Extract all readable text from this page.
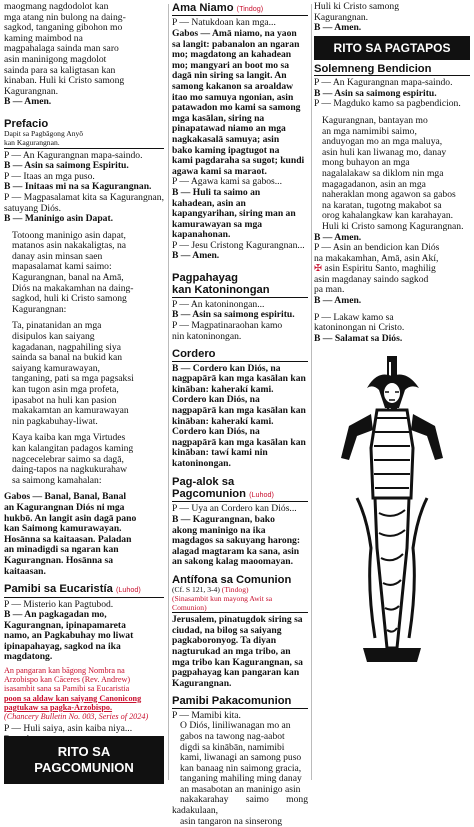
maogmang nagdodolot kan
mga atang nin bulong na daing-
sagkod, tanganing gibohon mo
kaming maimbod na
magpahalaga sainda man saro
asin maninigong magdolot
sainda para sa kaligtasan kan
kinaban. Huli ki Cristo samong
Kagurangnan.

B — Amen.

Prefacio
Dapit sa Pagbāgong Anyō
kan Kagurangnan.

P — An Kagurangnan mapa-saindo.

B — Asin sa saimong Espiritu.

P — Itaas an mga puso.

B — Initaas mi na sa Kagurangnan.

P — Magpasalamat kita sa Kagurangnan, satuyang Diós.

B — Maninigo asin Dapat.

Totoong maninigo asin dapat,
matanos asin nakakaligtas, na
danay asin minsan saen
mapasalamat kami saimo:
Kagurangnan, banal na Amā,
Diós na makakamhan na daing-
sagkod, huli ki Cristo samong
Kagurangnan:
Ta, pinatanidan an mga
disipulos kan saiyang
kagadanan, nagpahiling siya
sainda sa banal na bukid kan
saiyang kamurawayan,
tanganing, pati sa mga pagsaksi
kan tugon asin mga profeta,
ipasabot na huli kan pasion
makakamtan an kamurawayan
nin pagkabuhay-liwat.
Kaya kaiba kan mga Virtudes
kan kalangitan padagos kaming
nagcecelebrar saimo sa dagā,
daing-tapos na nagkukurahaw
sa saimong kamahalan:
Gabos — Banal, Banal, Banal
an Kagurangnan Diós ni mga
hukbō. An langit asin dagā pano
kan Saimong kamurawayan.
Hosānna sa kaitaasan. Paladan
an minadigdi sa ngaran kan
Kagurangnan. Hosānna sa
kaitaasan.
Pamibi sa Eucaristía (Luhod)

P — Misterio kan Pagtubod.

B — An pagkagadan mo,
Kagurangnan, ipinapamareta
namo, an Pagkabuhay mo liwat
ipinapahayag, sagkod na ika
magdatong.
An pangaran kan bāgong Nombra na
Arzobispo kan Cāceres (Rev. Andrew)
isasambit sana sa Pamibi sa Eucaristia
poon sa aldaw kan saiyang Canonicong
pagtukaw sa pagka-Arzobispo.
(Chancery Bulletin No. 003, Series of 2024)

P — Huli saiya, asin kaiba niya...

RITO SA
PAGCOMUNION
Ama Niamo (Tindog)

P — Natukdoan kan mga...

Gabos — Amā niamo, na yaon
sa langit: pabanalon an ngaran
mo; magdatong an kahadean
mo; mangyari an boot mo sa
dagā nin siring sa langit. An
samong kakanon sa aroaldaw
itao mo samuya ngonian, asin
patawadon mo kami sa samong
mga kasālan, siring na
pinapatawad niamo an mga
nagkakasalā samuya; asin
bako kaming ipagtugot na
kami pagdaraha sa sugot; kundi
agawa kami sa maraot.

P — Agawa kami sa gabos...

B — Huli ta saimo an
kahadean, asin an
kapangyarihan, siring man an
kamurawayan sa mga
kapanahonan.

P — Jesu Cristong Kagurangnan...

B — Amen.

Pagpahayag
kan Katoninongan

P — An katoninongan...

B — Asin sa saimong espiritu.

P — Magpatinaraohan kamo
nin katoninongan.
Cordero
B — Cordero kan Diós, na
nagpapārā kan mga kasālan kan
kināban: kaherakí kami.
Cordero kan Diós, na
nagpapārā kan mga kasālan kan
kināban: kaherakí kami.
Cordero kan Diós, na
nagpapārā kan mga kasālan kan
kināban: tawí kami nin
katoninongan.
Pag-alok sa
Pagcomunion (Luhod)

P — Uya an Cordero kan Diós...

B — Kagurangnan, bako
akong maninigo na ika
magdagos sa sakuyang harong:
alagad magtaram ka sana, asin
an sakong kalag maoomayan.
Antífona sa Comunion
(Cf. S 121, 3-4) (Tindog)
(Sinasambit kun mayong Awit sa Comunion)
Jerusalem, pinatugdok siring sa
ciudad, na bilog sa saiyang
pagkaboronyog. Ta diyan
nagturukad an mga tribo, an
mga tribo kan Kagurangnan, sa
pagpahayag kan pangaran kan
Kagurangnan.
Pamibi Pakacomunion

P — Mamibi kita.

O Diós, liniliwanagan mo an
gabos na tawong nag-aabot
digdi sa kinābān, namimibi
kami, liwanagi an samong puso
kan banaag nin saimong gracia,
tanganing mahiling ming danay
an masabotan an maninigo asin
nakakarahay saimo mong kadakulaan,
asin tangaron na sinserong
Huli ki Cristo samong
Kagurangnan.

B — Amen.

RITO SA PAGTAPOS
Solemneng Bendicion

P — An Kagurangnan mapa-saindo.

B — Asin sa saimong espiritu.

P — Magduko kamo sa pagbendicion.

Kagurangnan, bantayan mo
an mga namimibi saimo,
anduyogan mo an mga maluya,
asin huli kan liwanag mo, danay
mong buhayon an mga
nagalalakaw sa diklom nin mga
magagadanon, asin an mga
naheraklan mong agawon sa gabos
na karatan, tugotng makabot sa
orog kahalangkaw kan karahayan.
Huli ki Cristo samong Kagurangnan.

B — Amen.

P — Asin an bendicion kan Diós
na makakamhan, Amā, asin Akí,
✠ asin Espiritu Santo, maghilig
asin magdanay saindo sagkod
pa man.

B — Amen.

P — Lakaw kamo sa
katoninongan ni Cristo.

B — Salamat sa Diós.
